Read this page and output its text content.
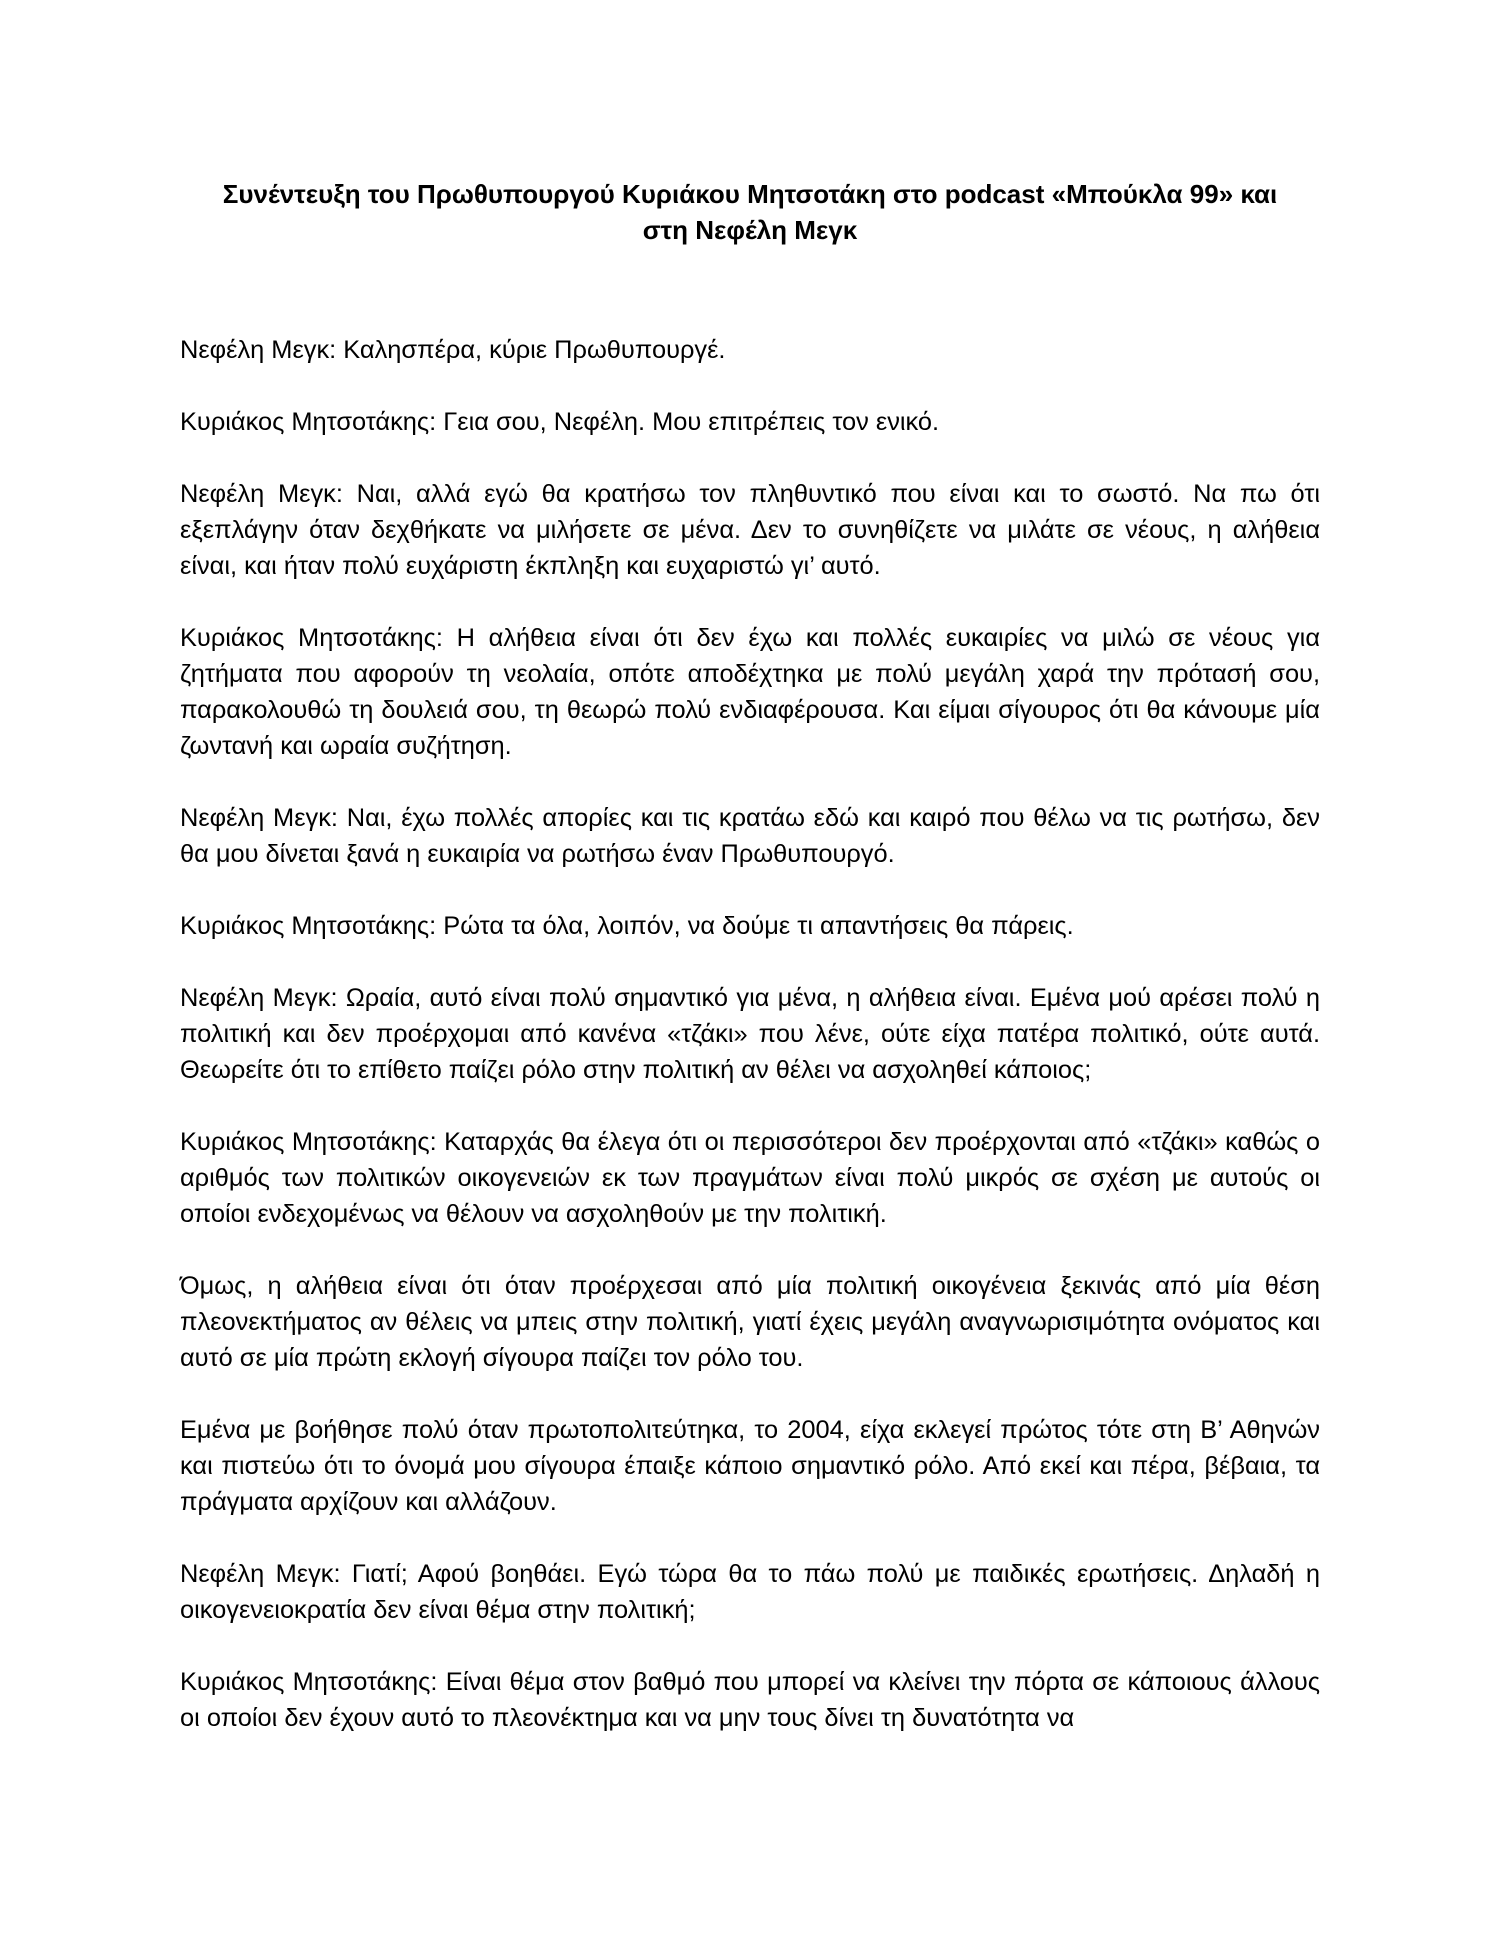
Συνέντευξη του Πρωθυπουργού Κυριάκου Μητσοτάκη στο podcast «Μπούκλα 99» και
στη Νεφέλη Μεγκ

Νεφέλη Μεγκ: Καλησπέρα, κύριε Πρωθυπουργέ.

Κυριάκος Μητσοτάκης: Γεια σου, Νεφέλη. Μου επιτρέπεις τον ενικό.

Νεφέλη Μεγκ: Ναι, αλλά εγώ θα κρατήσω τον πληθυντικό που είναι και το σωστό. Να πω ότι εξεπλάγην όταν δεχθήκατε να μιλήσετε σε μένα. Δεν το συνηθίζετε να μιλάτε σε νέους, η αλήθεια είναι, και ήταν πολύ ευχάριστη έκπληξη και ευχαριστώ γι’ αυτό.

Κυριάκος Μητσοτάκης: Η αλήθεια είναι ότι δεν έχω και πολλές ευκαιρίες να μιλώ σε νέους για ζητήματα που αφορούν τη νεολαία, οπότε αποδέχτηκα με πολύ μεγάλη χαρά την πρότασή σου, παρακολουθώ τη δουλειά σου, τη θεωρώ πολύ ενδιαφέρουσα. Και είμαι σίγουρος ότι θα κάνουμε μία ζωντανή και ωραία συζήτηση.

Νεφέλη Μεγκ: Ναι, έχω πολλές απορίες και τις κρατάω εδώ και καιρό που θέλω να τις ρωτήσω, δεν θα μου δίνεται ξανά η ευκαιρία να ρωτήσω έναν Πρωθυπουργό.

Κυριάκος Μητσοτάκης: Ρώτα τα όλα, λοιπόν, να δούμε τι απαντήσεις θα πάρεις.

Νεφέλη Μεγκ: Ωραία, αυτό είναι πολύ σημαντικό για μένα, η αλήθεια είναι. Εμένα μού αρέσει πολύ η πολιτική και δεν προέρχομαι από κανένα «τζάκι» που λένε, ούτε είχα πατέρα πολιτικό, ούτε αυτά. Θεωρείτε ότι το επίθετο παίζει ρόλο στην πολιτική αν θέλει να ασχοληθεί κάποιος;

Κυριάκος Μητσοτάκης: Καταρχάς θα έλεγα ότι οι περισσότεροι δεν προέρχονται από «τζάκι» καθώς ο αριθμός των πολιτικών οικογενειών εκ των πραγμάτων είναι πολύ μικρός σε σχέση με αυτούς οι οποίοι ενδεχομένως να θέλουν να ασχοληθούν με την πολιτική.

Όμως, η αλήθεια είναι ότι όταν προέρχεσαι από μία πολιτική οικογένεια ξεκινάς από μία θέση πλεονεκτήματος αν θέλεις να μπεις στην πολιτική, γιατί έχεις μεγάλη αναγνωρισιμότητα ονόματος και αυτό σε μία πρώτη εκλογή σίγουρα παίζει τον ρόλο του.

Εμένα με βοήθησε πολύ όταν πρωτοπολιτεύτηκα, το 2004, είχα εκλεγεί πρώτος τότε στη Β’ Αθηνών και πιστεύω ότι το όνομά μου σίγουρα έπαιξε κάποιο σημαντικό ρόλο. Από εκεί και πέρα, βέβαια, τα πράγματα αρχίζουν και αλλάζουν.

Νεφέλη Μεγκ: Γιατί; Αφού βοηθάει. Εγώ τώρα θα το πάω πολύ με παιδικές ερωτήσεις. Δηλαδή η οικογενειοκρατία δεν είναι θέμα στην πολιτική;

Κυριάκος Μητσοτάκης: Είναι θέμα στον βαθμό που μπορεί να κλείνει την πόρτα σε κάποιους άλλους οι οποίοι δεν έχουν αυτό το πλεονέκτημα και να μην τους δίνει τη δυνατότητα να
